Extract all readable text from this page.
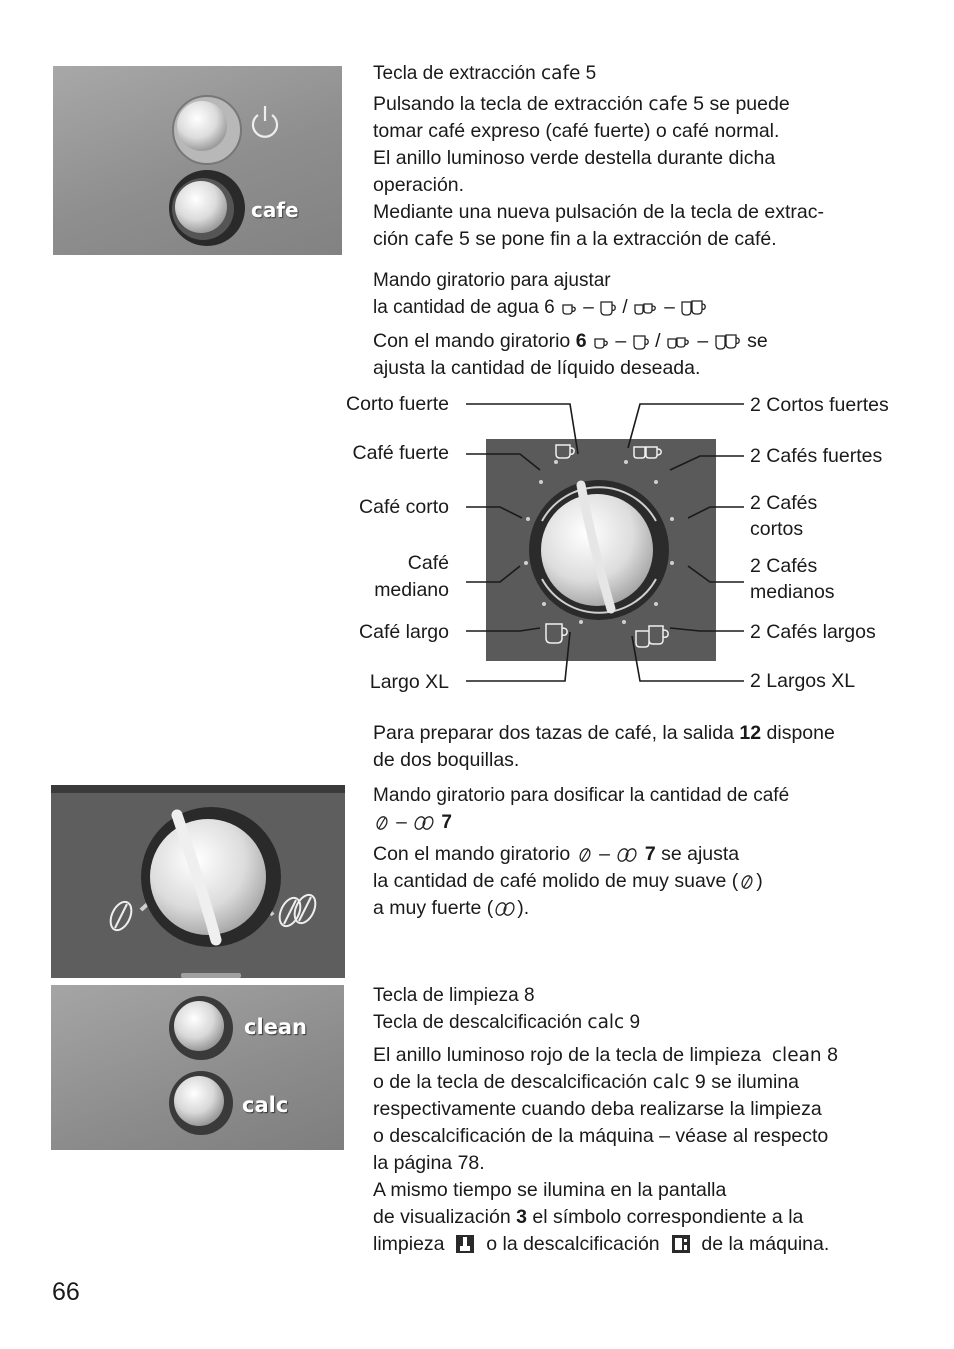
cafe
Tecla de extracción cafe 5
Pulsando la tecla de extracción cafe 5 se puede
tomar café expreso (café fuerte) o café normal.
El anillo luminoso verde destella durante dicha
operación.
Mediante una nueva pulsación de la tecla de extrac-
ción cafe 5 se pone fin a la extracción de café.
Mando giratorio para ajustar
la cantidad de agua 6 – / –
Con el mando giratorio 6 – / – se
ajusta la cantidad de líquido deseada.
Corto fuerte
Café fuerte
Café corto
Café
mediano
Café largo
Largo XL
2 Cortos fuertes
2 Cafés fuertes
2 Cafés
cortos
2 Cafés
medianos
2 Cafés largos
2 Largos XL
Para preparar dos tazas de café, la salida 12 dispone
de dos boquillas.
Mando giratorio para dosificar la cantidad de café
– 7
Con el mando giratorio – 7 se ajusta
la cantidad de café molido de muy suave ( )
a muy fuerte ( ).
clean
calc
Tecla de limpieza 8
Tecla de descalcificación calc 9
El anillo luminoso rojo de la tecla de limpieza clean 8
o de la tecla de descalcificación calc 9 se ilumina
respectivamente cuando deba realizarse la limpieza
o descalcificación de la máquina – véase al respecto
la página 78.
A mismo tiempo se ilumina en la pantalla
de visualización 3 el símbolo correspondiente a la
limpieza o la descalcificación de la máquina.
66
